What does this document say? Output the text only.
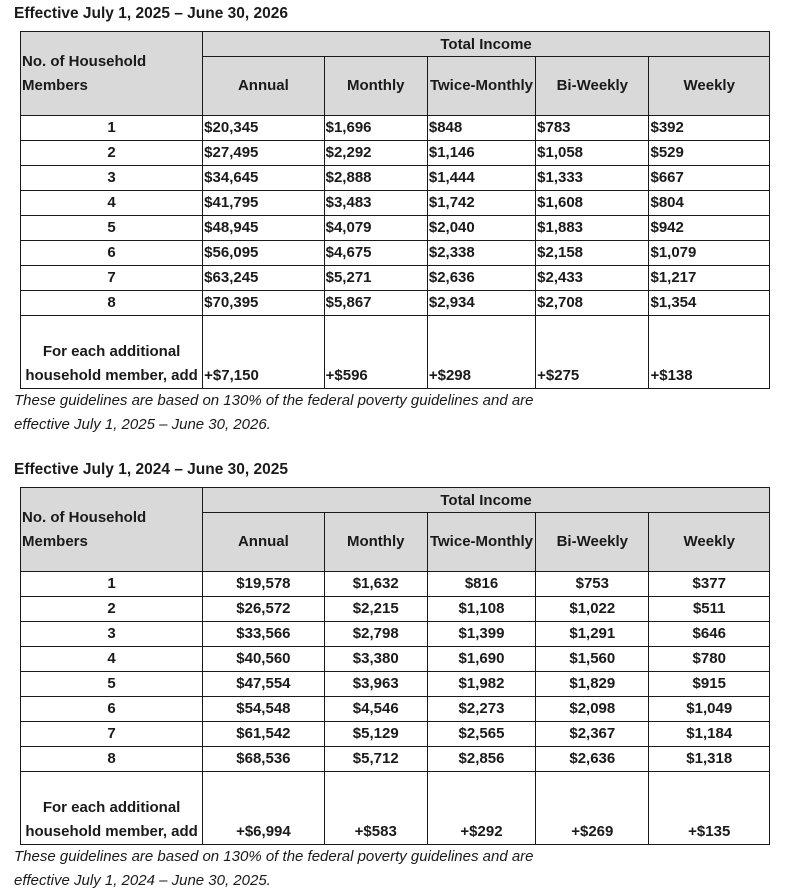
Effective July 1, 2025 – June 30, 2026
No. of Household Members	Total Income				
	Annual	Monthly	Twice-Monthly	Bi-Weekly	Weekly
1	$20,345	$1,696	$848	$783	$392
2	$27,495	$2,292	$1,146	$1,058	$529
3	$34,645	$2,888	$1,444	$1,333	$667
4	$41,795	$3,483	$1,742	$1,608	$804
5	$48,945	$4,079	$2,040	$1,883	$942
6	$56,095	$4,675	$2,338	$2,158	$1,079
7	$63,245	$5,271	$2,636	$2,433	$1,217
8	$70,395	$5,867	$2,934	$2,708	$1,354
For each additional household member, add	+$7,150	+$596	+$298	+$275	+$138

These guidelines are based on 130% of the federal poverty guidelines and are
effective July 1, 2025 – June 30, 2026.

Effective July 1, 2024 – June 30, 2025
No. of Household Members	Total Income				
	Annual	Monthly	Twice-Monthly	Bi-Weekly	Weekly
1	$19,578	$1,632	$816	$753	$377
2	$26,572	$2,215	$1,108	$1,022	$511
3	$33,566	$2,798	$1,399	$1,291	$646
4	$40,560	$3,380	$1,690	$1,560	$780
5	$47,554	$3,963	$1,982	$1,829	$915
6	$54,548	$4,546	$2,273	$2,098	$1,049
7	$61,542	$5,129	$2,565	$2,367	$1,184
8	$68,536	$5,712	$2,856	$2,636	$1,318
For each additional household member, add	+$6,994	+$583	+$292	+$269	+$135

These guidelines are based on 130% of the federal poverty guidelines and are
effective July 1, 2024 – June 30, 2025.
